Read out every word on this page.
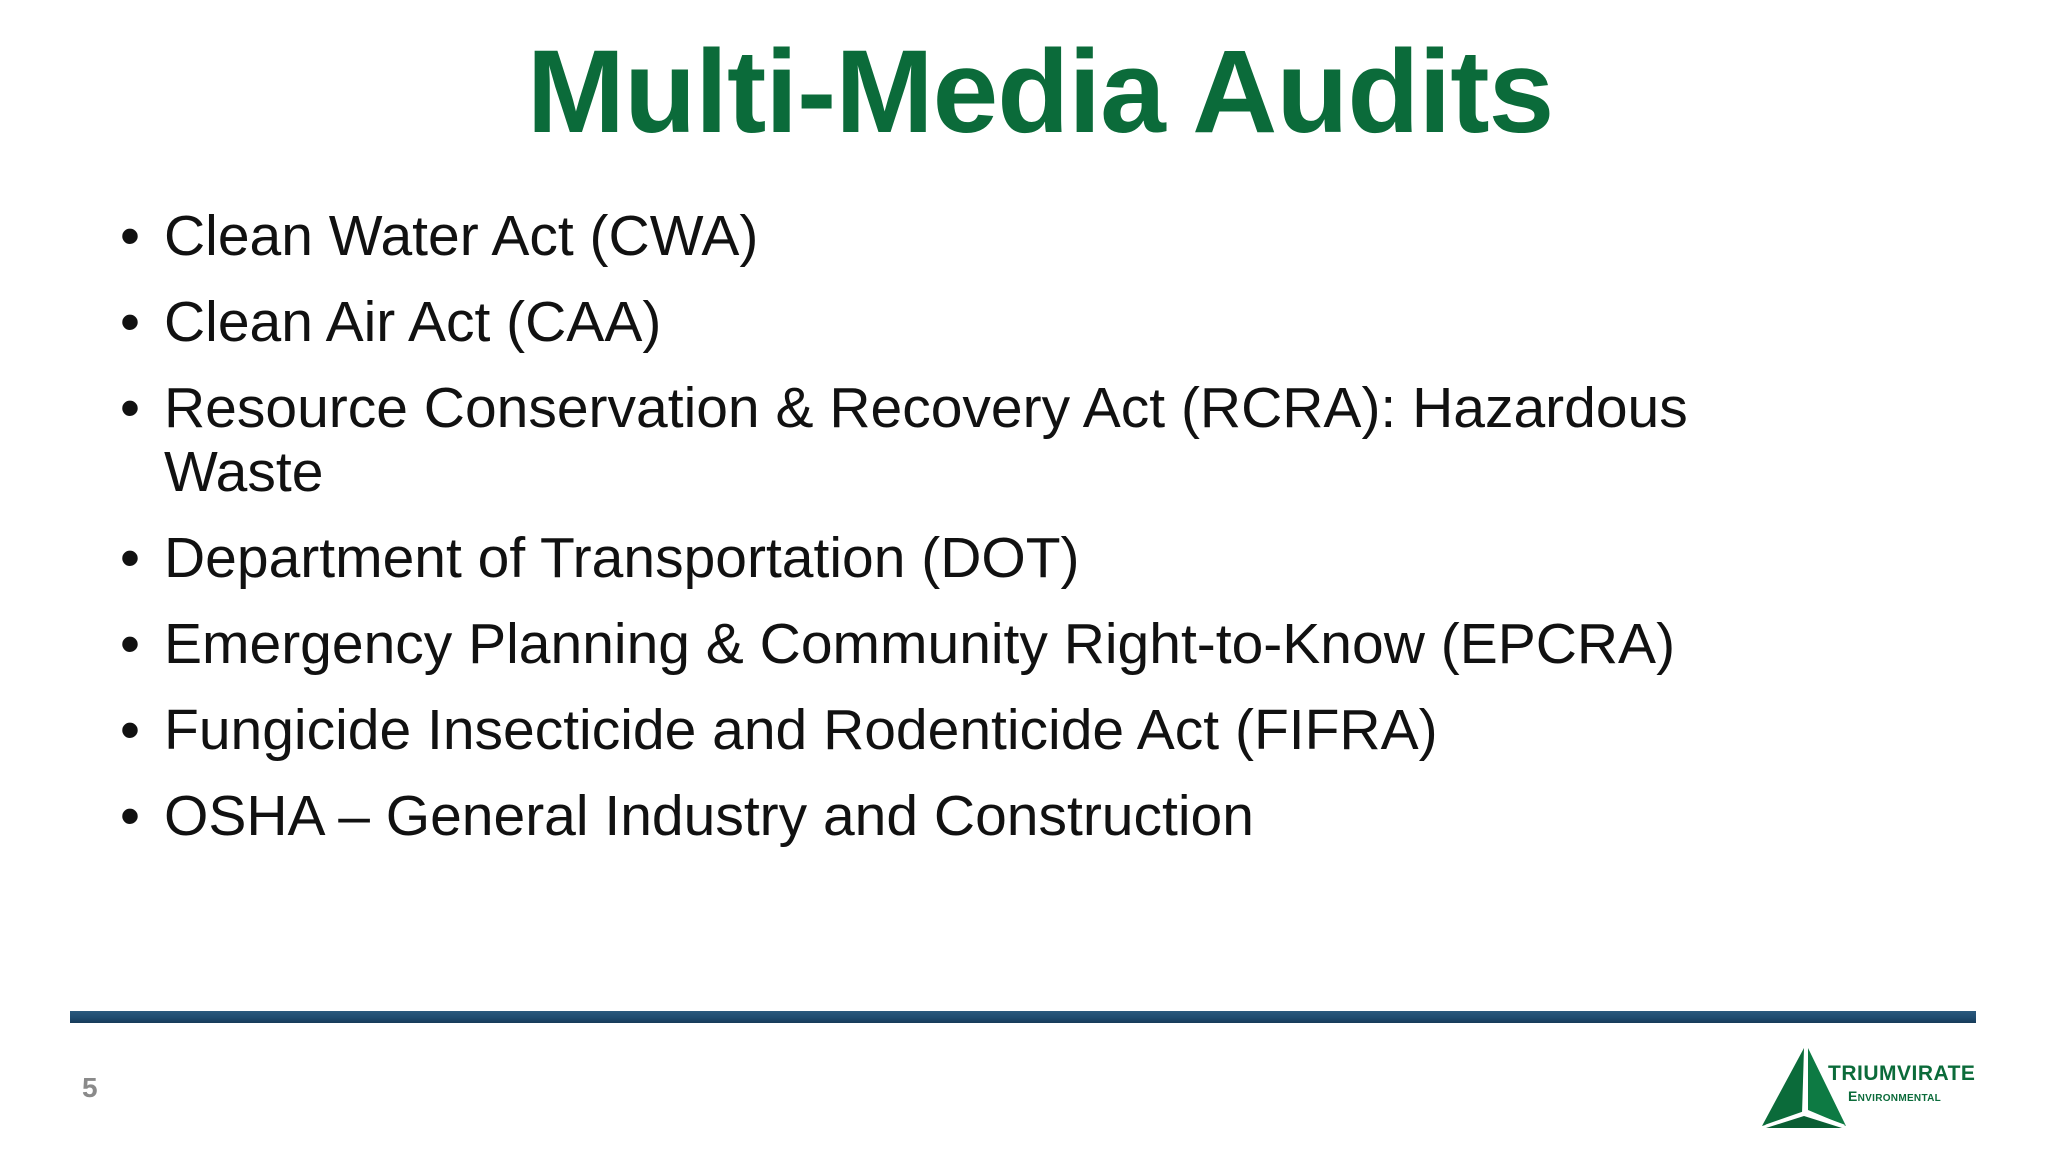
Multi-Media Audits
• Clean Water Act (CWA)
• Clean Air Act (CAA)
• Resource Conservation & Recovery Act (RCRA): Hazardous Waste
• Department of Transportation (DOT)
• Emergency Planning & Community Right-to-Know (EPCRA)
• Fungicide Insecticide and Rodenticide Act (FIFRA)
• OSHA – General Industry and Construction
5	TRIUMVIRATE
Environmental
